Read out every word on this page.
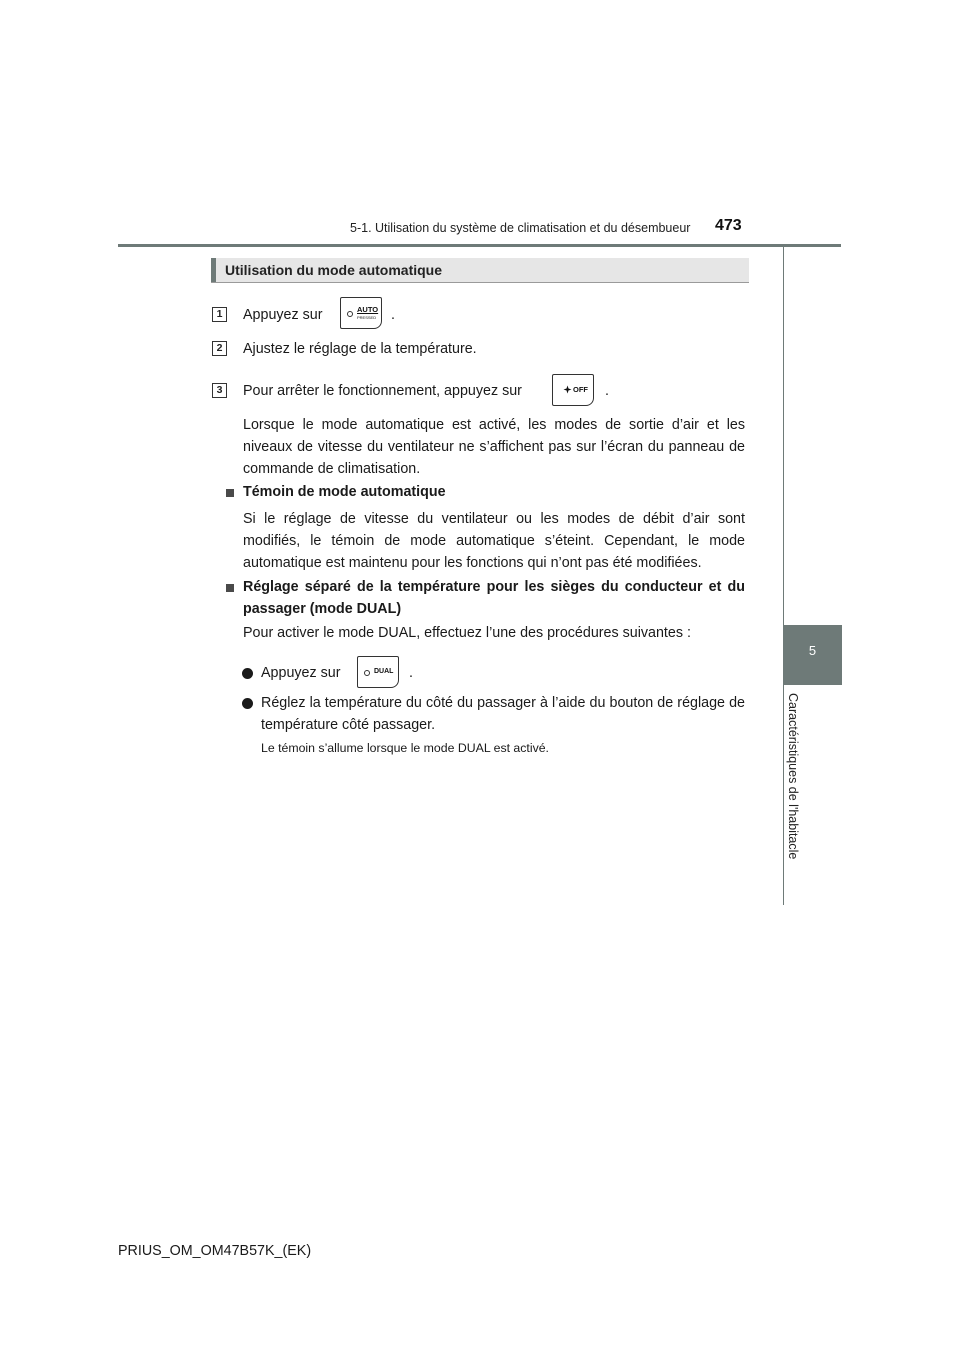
5-1. Utilisation du système de climatisation et du désembueur 473
5
Caractéristiques de l'habitacle
Utilisation du mode automatique
1	Appuyez sur	AUTO
PRESSED .
2	Ajustez le réglage de la température.
3	Pour arrêter le fonctionnement, appuyez sur	OFF .
Lorsque le mode automatique est activé, les modes de sortie d’air et les niveaux de vitesse du ventilateur ne s’affichent pas sur l’écran du panneau de commande de climatisation.
Témoin de mode automatique
Si le réglage de vitesse du ventilateur ou les modes de débit d’air sont modifiés, le témoin de mode automatique s’éteint. Cependant, le mode automatique est maintenu pour les fonctions qui n’ont pas été modifiées.
Réglage séparé de la température pour les sièges du conducteur et du passager (mode DUAL)
Pour activer le mode DUAL, effectuez l’une des procédures suivantes :
Appuyez sur	DUAL .
Réglez la température du côté du passager à l’aide du bouton de réglage de température côté passager.
Le témoin s’allume lorsque le mode DUAL est activé.
PRIUS_OM_OM47B57K_(EK)
